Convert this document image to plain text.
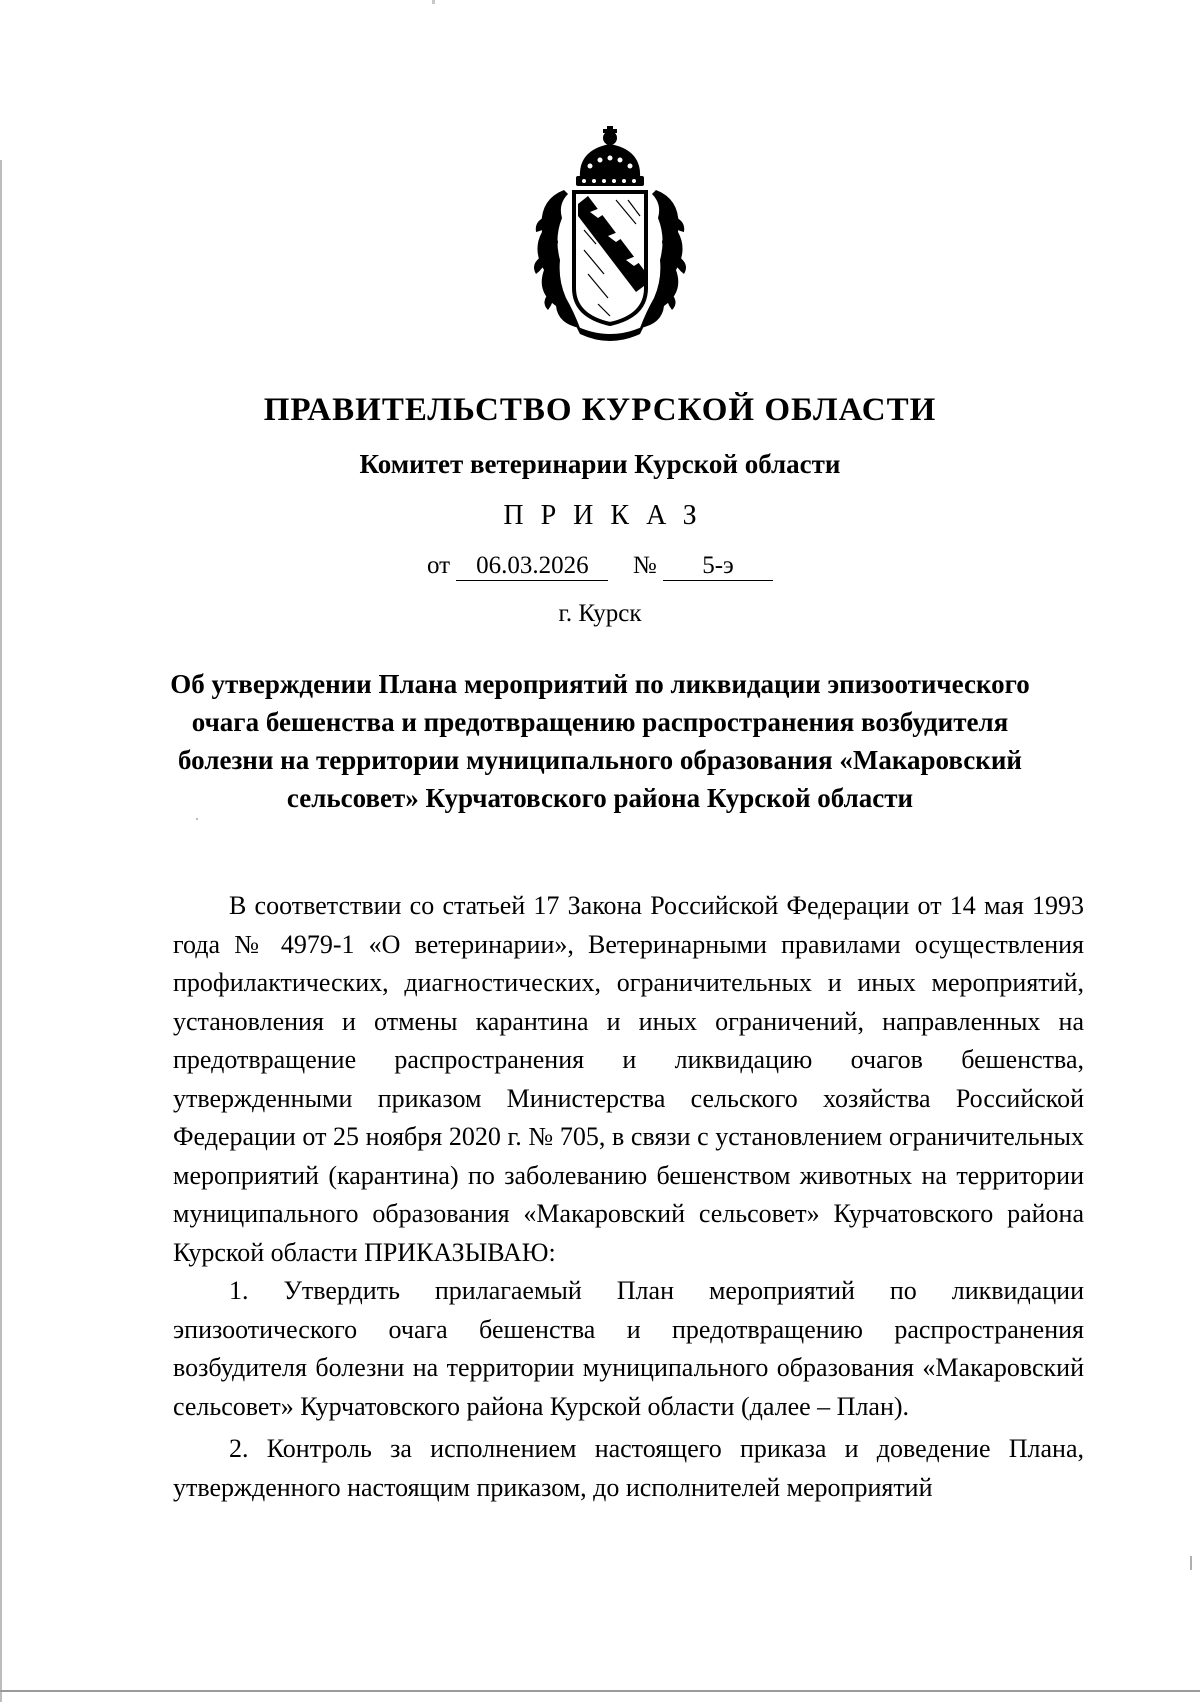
ПРАВИТЕЛЬСТВО КУРСКОЙ ОБЛАСТИ
Комитет ветеринарии Курской области
ПРИКАЗ
от 06.03.2026 № 5-э
г. Курск
Об утверждении Плана мероприятий по ликвидации эпизоотического очага бешенства и предотвращению распространения возбудителя болезни на территории муниципального образования «Макаровский сельсовет» Курчатовского района Курской области

В соответствии со статьей 17 Закона Российской Федерации от 14 мая 1993 года № 4979-1 «О ветеринарии», Ветеринарными правилами осуществления профилактических, диагностических, ограничительных и иных мероприятий, установления и отмены карантина и иных ограничений, направленных на предотвращение распространения и ликвидацию очагов бешенства, утвержденными приказом Министерства сельского хозяйства Российской Федерации от 25 ноября 2020 г. № 705, в связи с установлением ограничительных мероприятий (карантина) по заболеванию бешенством животных на территории муниципального образования «Макаровский сельсовет» Курчатовского района Курской области ПРИКАЗЫВАЮ:

1. Утвердить прилагаемый План мероприятий по ликвидации эпизоотического очага бешенства и предотвращению распространения возбудителя болезни на территории муниципального образования «Макаровский сельсовет» Курчатовского района Курской области (далее – План).

2. Контроль за исполнением настоящего приказа и доведение Плана, утвержденного настоящим приказом, до исполнителей мероприятий
